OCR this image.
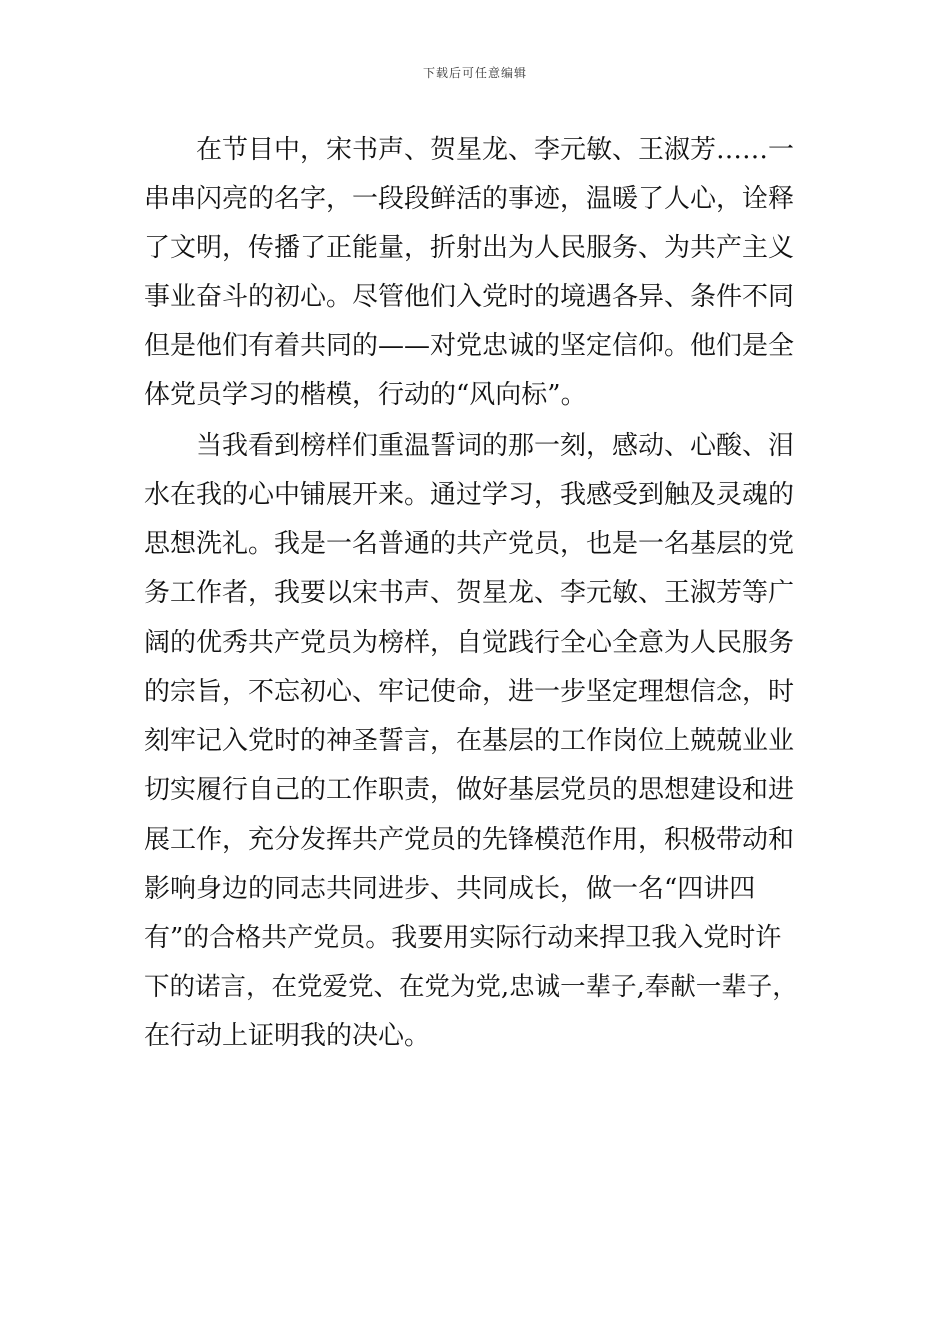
下载后可任意编辑
在节目中，宋书声、贺星龙、李元敏、王淑芳……一
串串闪亮的名字，一段段鲜活的事迹，温暖了人心，诠释
了文明，传播了正能量，折射出为人民服务、为共产主义
事业奋斗的初心。尽管他们入党时的境遇各异、条件不同
但是他们有着共同的——对党忠诚的坚定信仰。他们是全
体党员学习的楷模，行动的“风向标”。
当我看到榜样们重温誓词的那一刻，感动、心酸、泪
水在我的心中铺展开来。通过学习，我感受到触及灵魂的
思想洗礼。我是一名普通的共产党员，也是一名基层的党
务工作者，我要以宋书声、贺星龙、李元敏、王淑芳等广
阔的优秀共产党员为榜样，自觉践行全心全意为人民服务
的宗旨，不忘初心、牢记使命，进一步坚定理想信念，时
刻牢记入党时的神圣誓言，在基层的工作岗位上兢兢业业
切实履行自己的工作职责，做好基层党员的思想建设和进
展工作，充分发挥共产党员的先锋模范作用，积极带动和
影响身边的同志共同进步、共同成长，做一名“四讲四
有”的合格共产党员。我要用实际行动来捍卫我入党时许
下的诺言，在党爱党、在党为党,忠诚一辈子,奉献一辈子，
在行动上证明我的决心。
